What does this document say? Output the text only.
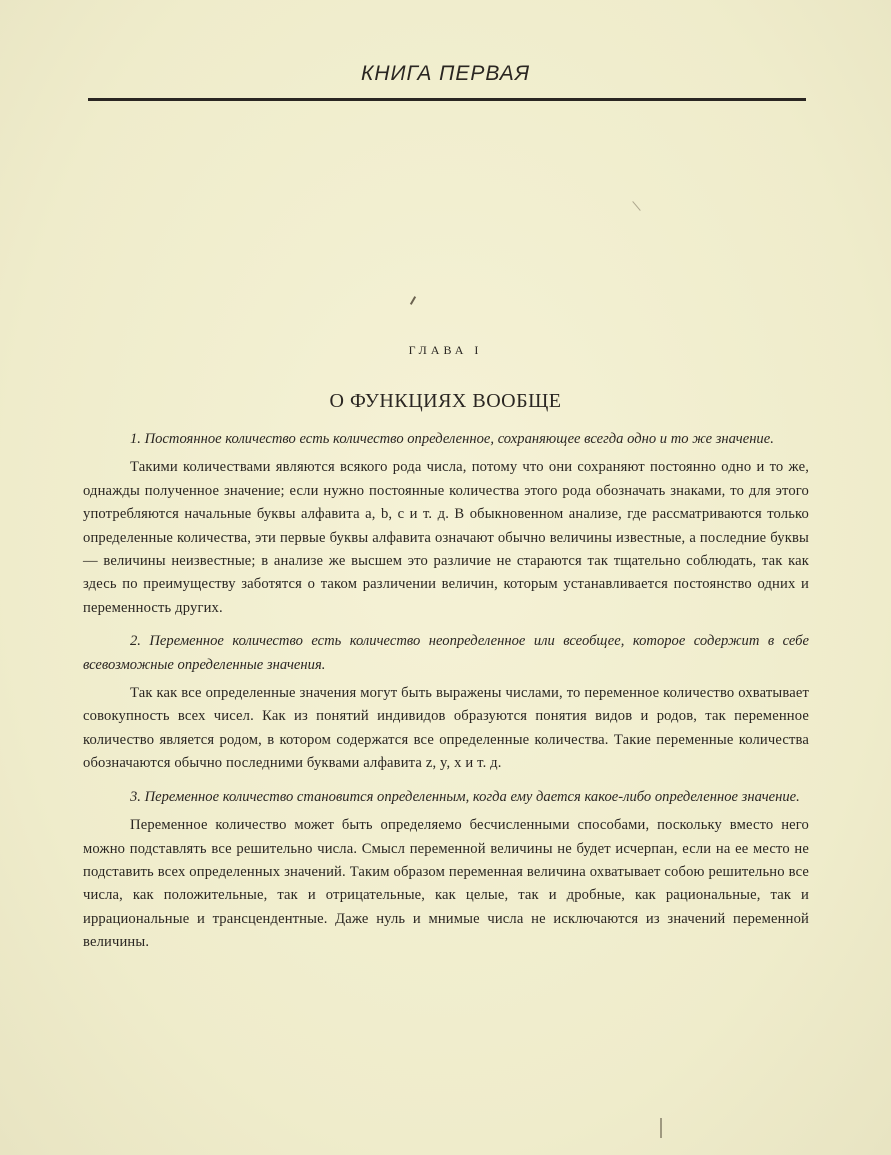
КНИГА ПЕРВАЯ
ГЛАВА I
О ФУНКЦИЯХ ВООБЩЕ

1. Постоянное количество есть количество определенное, сохраняющее всегда одно и то же значение.

Такими количествами являются всякого рода числа, потому что они сохраняют постоянно одно и то же, однажды полученное значение; если нужно постоянные количества этого рода обозначать знаками, то для этого употребляются начальные буквы алфавита a, b, c и т. д. В обыкновенном анализе, где рассматриваются только определенные количества, эти первые буквы алфавита означают обычно величины известные, а последние буквы — величины неизвестные; в анализе же высшем это различие не стараются так тщательно соблюдать, так как здесь по преимуществу заботятся о таком различении величин, которым устанавливается постоянство одних и переменность других.

2. Переменное количество есть количество неопределенное или всеобщее, которое содержит в себе всевозможные определенные значения.

Так как все определенные значения могут быть выражены числами, то переменное количество охватывает совокупность всех чисел. Как из понятий индивидов образуются понятия видов и родов, так переменное количество является родом, в котором содержатся все определенные количества. Такие переменные количества обозначаются обычно последними буквами алфавита z, y, x и т. д.

3. Переменное количество становится определенным, когда ему дается какое-либо определенное значение.

Переменное количество может быть определяемо бесчисленными способами, поскольку вместо него можно подставлять все решительно числа. Смысл переменной величины не будет исчерпан, если на ее место не подставить всех определенных значений. Таким образом переменная величина охватывает собою решительно все числа, как положительные, так и отрицательные, как целые, так и дробные, как рациональные, так и иррациональные и трансцендентные. Даже нуль и мнимые числа не исключаются из значений переменной величины.
